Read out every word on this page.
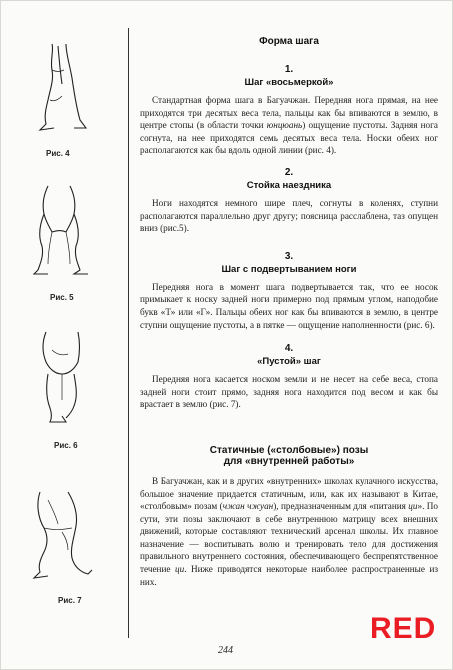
Рис. 4
Рис. 5
Рис. 6
Рис. 7
Форма шага
1.
Шаг «восьмеркой»

Стандартная форма шага в Багуачжан. Передняя нога прямая, на нее приходятся три десятых веса тела, пальцы как бы впиваются в землю, в центре стопы (в области точки юнцюань) ощущение пустоты. Задняя нога согнута, на нее приходятся семь десятых веса тела. Носки обеих ног располагаются как бы вдоль одной линии (рис. 4).

2.
Стойка наездника

Ноги находятся немного шире плеч, согнуты в коленях, ступни располагаются параллельно друг другу; поясница расслаблена, таз опущен вниз (рис.5).

3.
Шаг с подвертыванием ноги

Передняя нога в момент шага подвертывается так, что ее носок примыкает к носку задней ноги примерно под прямым углом, наподобие букв «Т» или «Г». Пальцы обеих ног как бы впиваются в землю, в центре ступни ощущение пустоты, а в пятке — ощущение наполненности (рис. 6).

4.
«Пустой» шаг

Передняя нога касается носком земли и не несет на себе веса, стопа задней ноги стоит прямо, задняя нога находится под весом и как бы врастает в землю (рис. 7).

Статичные («столбовые») позы
для «внутренней работы»

В Багуачжан, как и в других «внутренних» школах кулачного искусства, большое значение придается статичным, или, как их называют в Китае, «столбовым» позам (чжан чжуан), предназначенным для «питания ци». По сути, эти позы заключают в себе внутреннюю матрицу всех внешних движений, которые составляют технический арсенал школы. Их главное назначение — воспитывать волю и тренировать тело для достижения правильного внутреннего состояния, обеспечивающего беспрепятственное течение ци. Ниже приводятся некоторые наиболее распространенные из них.

244
RED
